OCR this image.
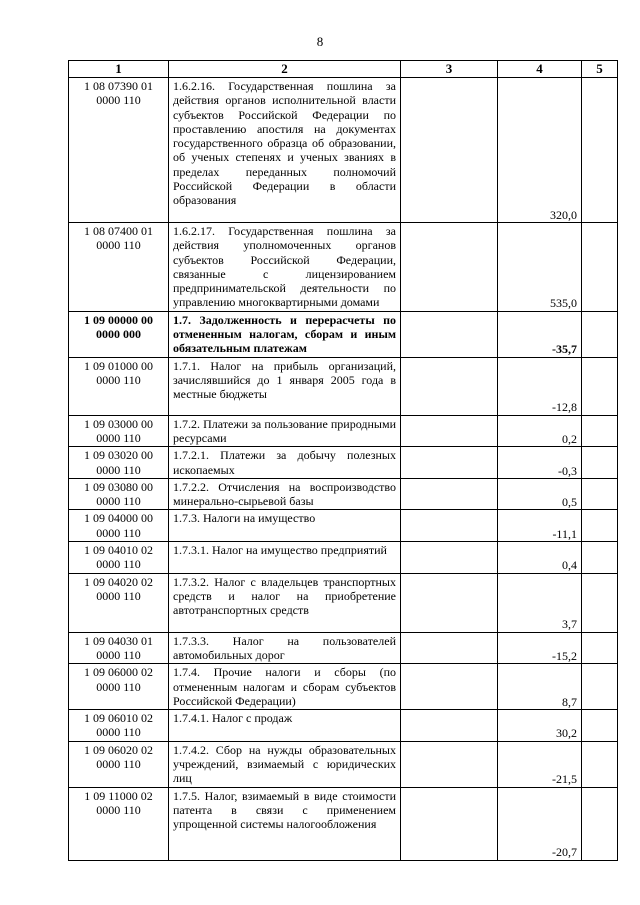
8
1	2	3	4	5
1 08 07390 01
0000 110	1.6.2.16. Государственная пошлина за действия органов исполнительной власти субъектов Российской Федерации по проставлению апостиля на документах государственного образца об образовании, об ученых степенях и ученых званиях в пределах переданных полномочий Российской Федерации в области образования		320,0	
1 08 07400 01
0000 110	1.6.2.17. Государственная пошлина за действия уполномоченных органов субъектов Российской Федерации, связанные с лицензированием предпринимательской деятельности по управлению многоквартирными домами		535,0	
1 09 00000 00
0000 000	1.7. Задолженность и перерасчеты по отмененным налогам, сборам и иным обязательным платежам		-35,7	
1 09 01000 00
0000 110	1.7.1. Налог на прибыль организаций, зачислявшийся до 1 января 2005 года в местные бюджеты		-12,8	
1 09 03000 00
0000 110	1.7.2. Платежи за пользование природными ресурсами		0,2	
1 09 03020 00
0000 110	1.7.2.1. Платежи за добычу полезных ископаемых		-0,3	
1 09 03080 00
0000 110	1.7.2.2. Отчисления на воспроизводство минерально-сырьевой базы		0,5	
1 09 04000 00
0000 110	1.7.3. Налоги на имущество		-11,1	
1 09 04010 02
0000 110	1.7.3.1. Налог на имущество предприятий		0,4	
1 09 04020 02
0000 110	1.7.3.2. Налог с владельцев транспортных средств и налог на приобретение автотранспортных средств		3,7	
1 09 04030 01
0000 110	1.7.3.3. Налог на пользователей автомобильных дорог		-15,2	
1 09 06000 02
0000 110	1.7.4. Прочие налоги и сборы (по отмененным налогам и сборам субъектов Российской Федерации)		8,7	
1 09 06010 02
0000 110	1.7.4.1. Налог с продаж		30,2	
1 09 06020 02
0000 110	1.7.4.2. Сбор на нужды образовательных учреждений, взимаемый с юридических лиц		-21,5	
1 09 11000 02
0000 110	1.7.5. Налог, взимаемый в виде стоимости патента в связи с применением упрощенной системы налогообложения		-20,7	
